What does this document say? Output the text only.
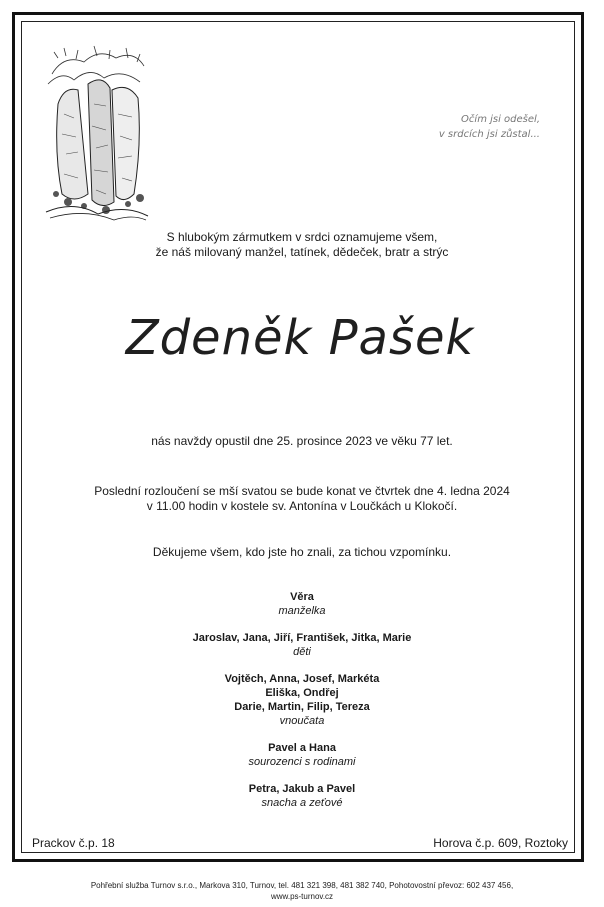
Očím jsi odešel,
v srdcích jsi zůstal...
S hlubokým zármutkem v srdci oznamujeme všem,
že náš milovaný manžel, tatínek, dědeček, bratr a strýc
Zdeněk Pašek
nás navždy opustil dne 25. prosince 2023 ve věku 77 let.
Poslední rozloučení se mší svatou se bude konat ve čtvrtek dne 4. ledna 2024
v 11.00 hodin v kostele sv. Antonína v Loučkách u Klokočí.
Děkujeme všem, kdo jste ho znali, za tichou vzpomínku.
Věra
manželka
Jaroslav, Jana, Jiří, František, Jitka, Marie
děti
Vojtěch, Anna, Josef, Markéta
Eliška, Ondřej
Darie, Martin, Filip, Tereza
vnoučata
Pavel a Hana
sourozenci s rodinami
Petra, Jakub a Pavel
snacha a zeťové
Prackov č.p. 18	Horova č.p. 609, Roztoky
Pohřební služba Turnov s.r.o., Markova 310, Turnov, tel. 481 321 398, 481 382 740, Pohotovostní převoz: 602 437 456,
www.ps-turnov.cz
